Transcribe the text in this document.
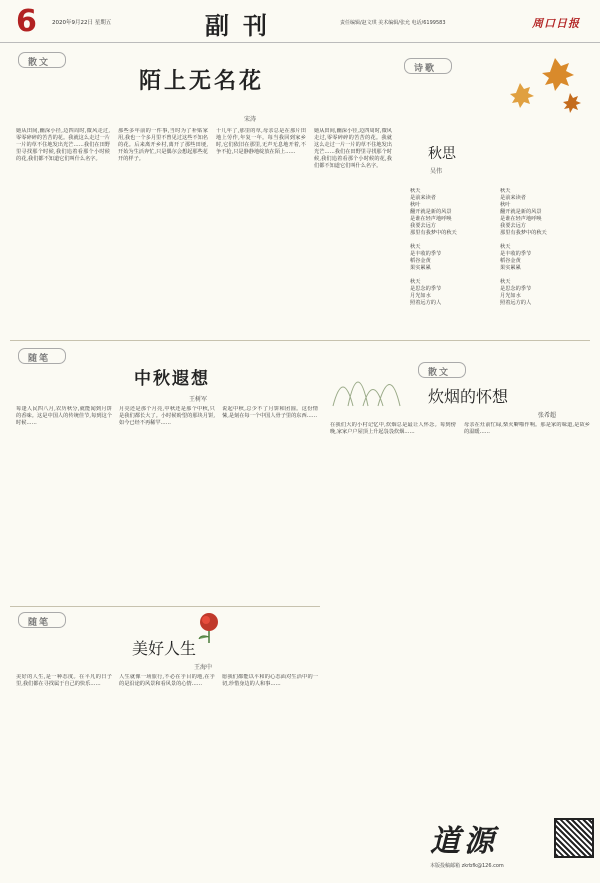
6	2020年9月22日 星期五	副刊	责任编辑/赵文琪 美术编辑/张允 电话/6199583	周口日报
散文
陌上无名花
宋涛
她从田间,幽深小径,边四周时,微风走过,零零碎碎的苦苦的花。我就这么走过一片一片的草不住地发出光芒……我们在田野里寻找那个时候,我们追着看那个小时候的花,我们都不知道它们叫什么名字。
那些多年前的一件事,当时为了补贴家用,我也一个多月里不曾见过这些不知名的花。后来离开乡村,离开了那些田埂,开始为生活奔忙,只是偶尔会想起那些花开的样子。
十几年了,那里的草,母亲总是在那片田地上劳作,年复一年。每当我回到家乡时,它们依旧在那里,无声无息地开着,不争不抢,只是静静地绽放在陌上……
她从田间,幽深小径,边四周时,微风走过,零零碎碎的苦苦的花。我就这么走过一片一片的草不住地发出光芒……我们在田野里寻找那个时候,我们追着看那个小时候的花,我们都不知道它们叫什么名字。
诗歌
秋思
吴伟
秋天
是前来读者
秋叶
翻开就是新的风景
是谁在轻声地呼唤
我要去远方
那里有我梦中的秋天

秋天
是丰收的季节
稻谷金黄
果实累累

秋天
是思念的季节
月光如水
照着远方的人
秋天
是前来读者
秋叶
翻开就是新的风景
是谁在轻声地呼唤
我要去远方
那里有我梦中的秋天

秋天
是丰收的季节
稻谷金黄
果实累累

秋天
是思念的季节
月光如水
照着远方的人
随笔
中秋遐想
王树军
每逢人民四八月,农历秋分,就能闻到月饼的香味。这是中国人的传统佳节,每到这个时候……
月亮还是那个月亮,中秋还是那个中秋,只是我们都长大了。小时候盼望的那块月饼,如今已经不再稀罕……
说起中秋,总少不了月饼和团圆。这份情愫,是刻在每一个中国人骨子里的东西……
散文
炊烟的怀想
张希超
在我们大的小村记忆中,炊烟总是最让人怀念。每到傍晚,家家户户屋顶上升起袅袅炊烟……
母亲在灶前忙碌,柴火噼啪作响。那是家的味道,是故乡的温暖……
随笔
美好人生
王海中
美好的人生,是一种态度。在平凡的日子里,我们都在寻找属于自己的快乐……
人生就像一场旅行,不必在乎目的地,在乎的是沿途的风景和看风景的心情……
愿我们都能以平和的心态面对生活中的一切,珍惜身边的人和事……
道源
本版投稿邮箱 zkrbfk@126.com
